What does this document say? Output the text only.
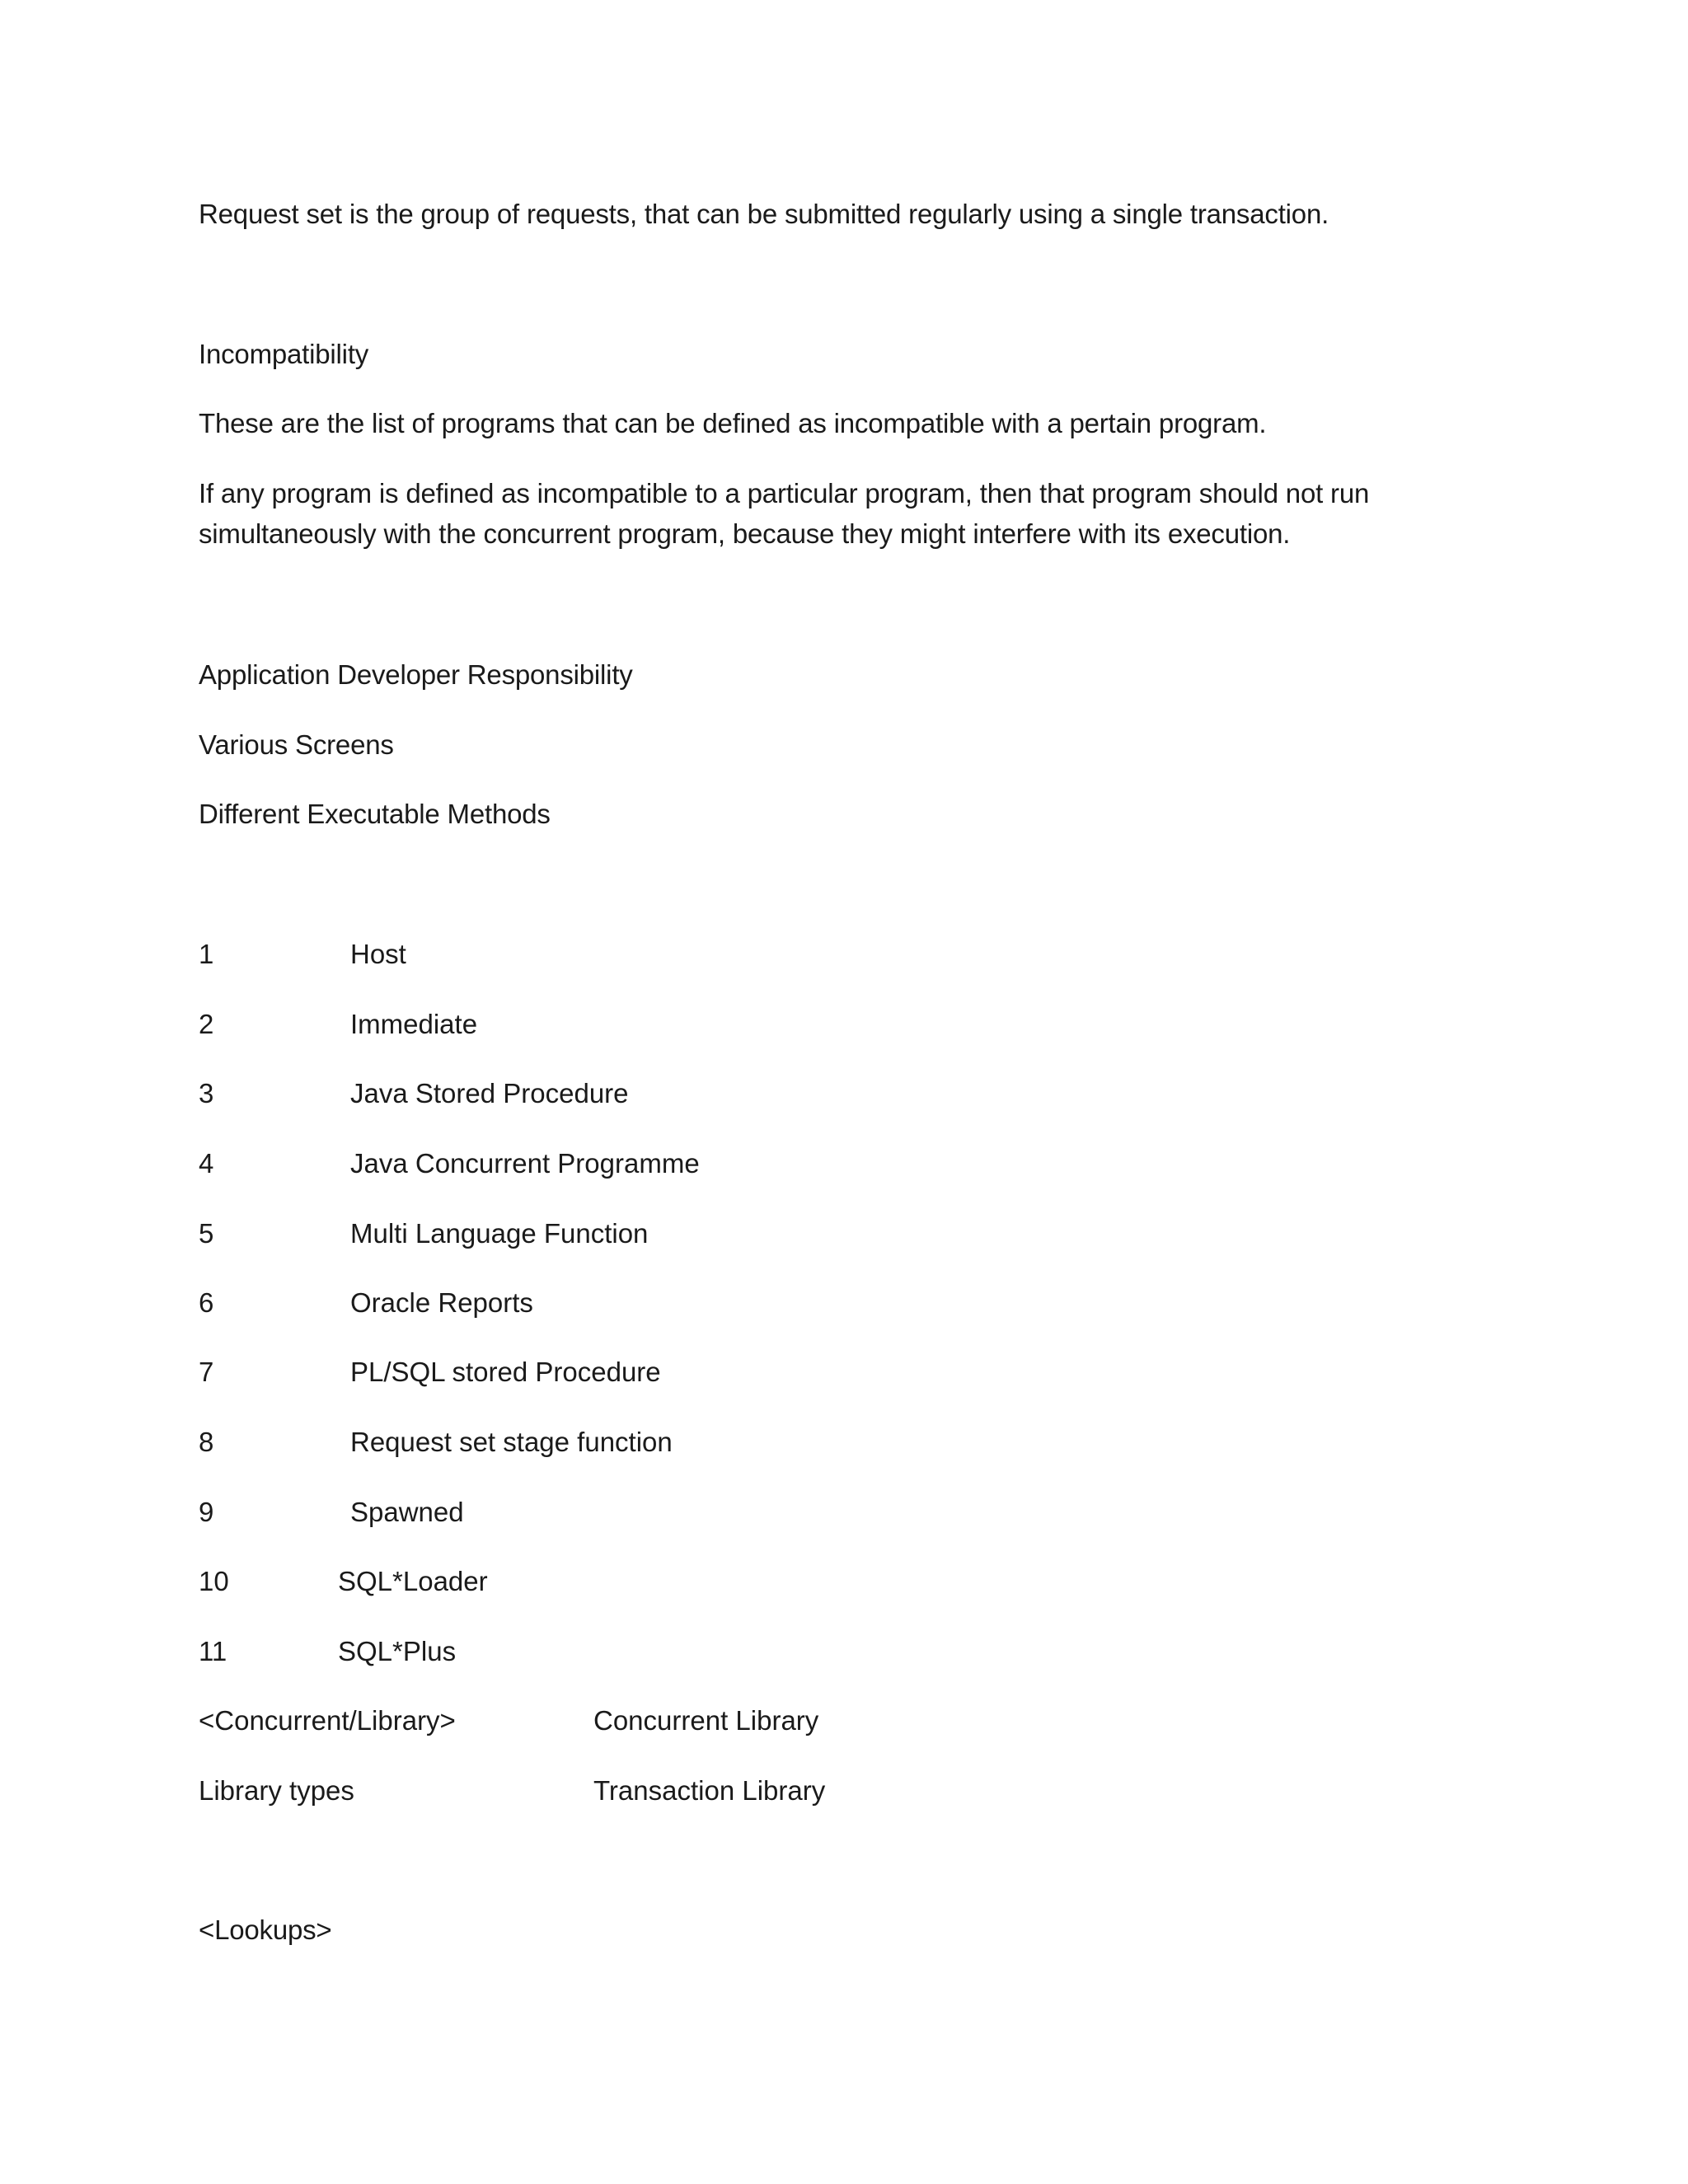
Request set is the group of requests, that can be submitted regularly using a single transaction.
Incompatibility
These are the list of programs that can be defined as incompatible with a pertain program.
If any program is defined as incompatible to a particular program, then that program should not run
simultaneously with the concurrent program, because they might interfere with its execution.
Application Developer Responsibility
Various Screens
Different Executable Methods
1	Host
2	Immediate
3	Java Stored Procedure
4	Java Concurrent Programme
5	Multi Language Function
6	Oracle Reports
7	PL/SQL stored Procedure
8	Request set stage function
9	Spawned
10	SQL*Loader
11	SQL*Plus
<Concurrent/Library>	Concurrent Library
Library types	Transaction Library
<Lookups>
